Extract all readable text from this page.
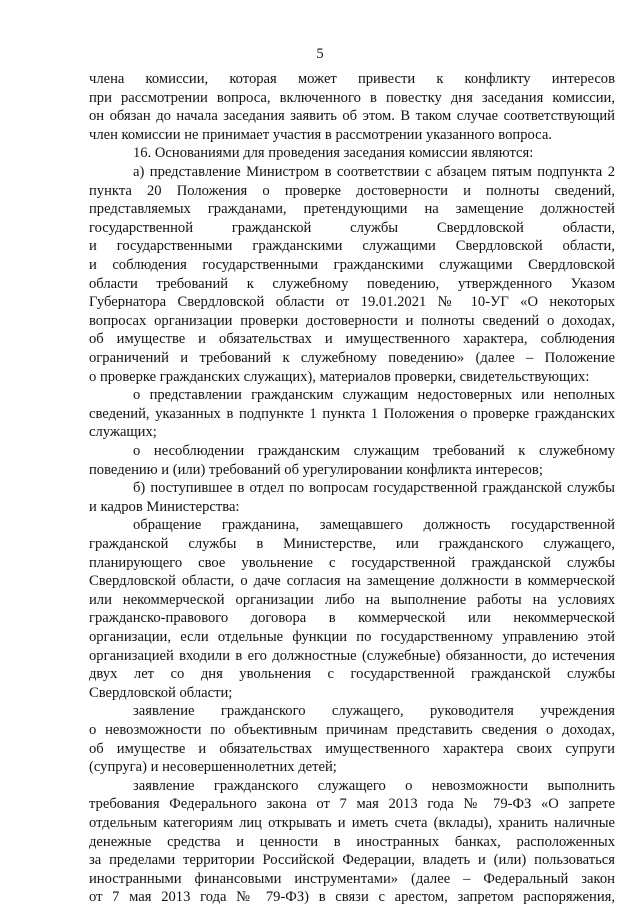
5
члена комиссии, которая может привести к конфликту интересов
при рассмотрении вопроса, включенного в повестку дня заседания комиссии,
он обязан до начала заседания заявить об этом. В таком случае соответствующий
член комиссии не принимает участия в рассмотрении указанного вопроса.
16. Основаниями для проведения заседания комиссии являются:
а) представление Министром в соответствии с абзацем пятым подпункта 2
пункта 20 Положения о проверке достоверности и полноты сведений,
представляемых гражданами, претендующими на замещение должностей
государственной гражданской службы Свердловской области,
и государственными гражданскими служащими Свердловской области,
и соблюдения государственными гражданскими служащими Свердловской
области требований к служебному поведению, утвержденного Указом
Губернатора Свердловской области от 19.01.2021 № 10-УГ «О некоторых
вопросах организации проверки достоверности и полноты сведений о доходах,
об имуществе и обязательствах и имущественного характера, соблюдения
ограничений и требований к служебному поведению» (далее – Положение
о проверке гражданских служащих), материалов проверки, свидетельствующих:
о представлении гражданским служащим недостоверных или неполных
сведений, указанных в подпункте 1 пункта 1 Положения о проверке гражданских
служащих;
о несоблюдении гражданским служащим требований к служебному
поведению и (или) требований об урегулировании конфликта интересов;
б) поступившее в отдел по вопросам государственной гражданской службы
и кадров Министерства:
обращение гражданина, замещавшего должность государственной
гражданской службы в Министерстве, или гражданского служащего,
планирующего свое увольнение с государственной гражданской службы
Свердловской области, о даче согласия на замещение должности в коммерческой
или некоммерческой организации либо на выполнение работы на условиях
гражданско-правового договора в коммерческой или некоммерческой
организации, если отдельные функции по государственному управлению этой
организацией входили в его должностные (служебные) обязанности, до истечения
двух лет со дня увольнения с государственной гражданской службы
Свердловской области;
заявление гражданского служащего, руководителя учреждения
о невозможности по объективным причинам представить сведения о доходах,
об имуществе и обязательствах имущественного характера своих супруги
(супруга) и несовершеннолетних детей;
заявление гражданского служащего о невозможности выполнить
требования Федерального закона от 7 мая 2013 года № 79-ФЗ «О запрете
отдельным категориям лиц открывать и иметь счета (вклады), хранить наличные
денежные средства и ценности в иностранных банках, расположенных
за пределами территории Российской Федерации, владеть и (или) пользоваться
иностранными финансовыми инструментами» (далее – Федеральный закон
от 7 мая 2013 года № 79-ФЗ) в связи с арестом, запретом распоряжения,
